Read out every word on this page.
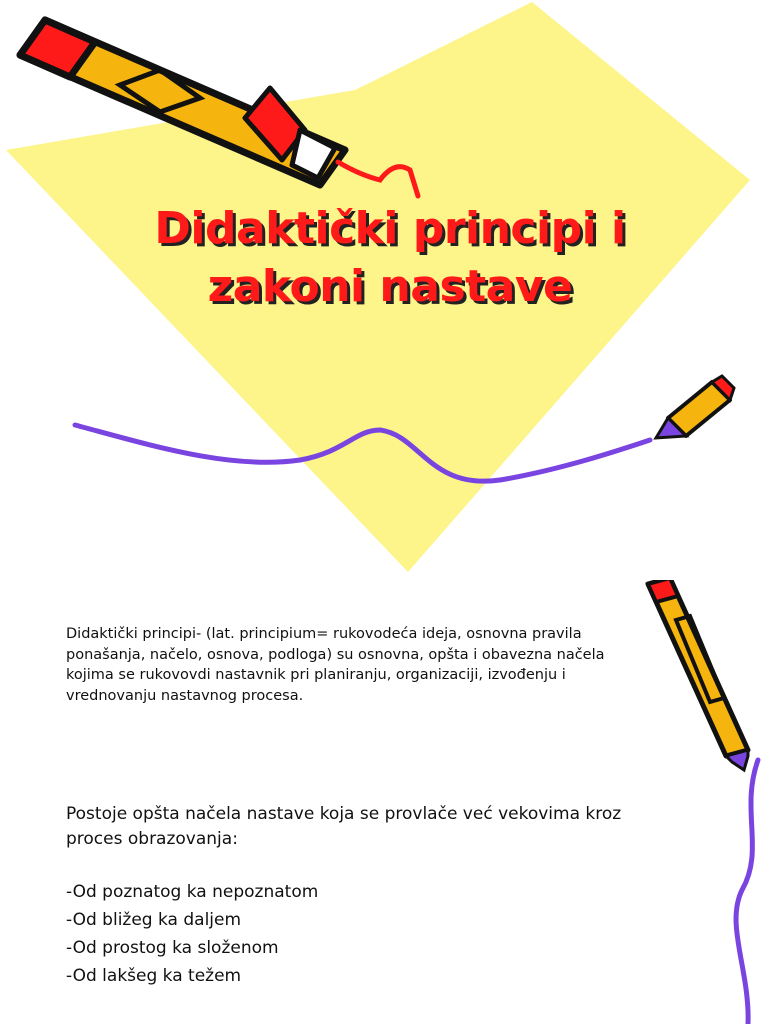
Didaktički principi i
zakoni nastave

Didaktički principi- (lat. principium= rukovodeća ideja, osnovna pravila ponašanja, načelo, osnova, podloga) su osnovna, opšta i obavezna načela kojima se rukovovdi nastavnik pri planiranju, organizaciji, izvođenju i vrednovanju nastavnog procesa.

Postoje opšta načela nastave koja se provlače već vekovima kroz proces obrazovanja:

-Od poznatog ka nepoznatom
-Od bližeg ka daljem
-Od prostog ka složenom
-Od lakšeg ka težem
